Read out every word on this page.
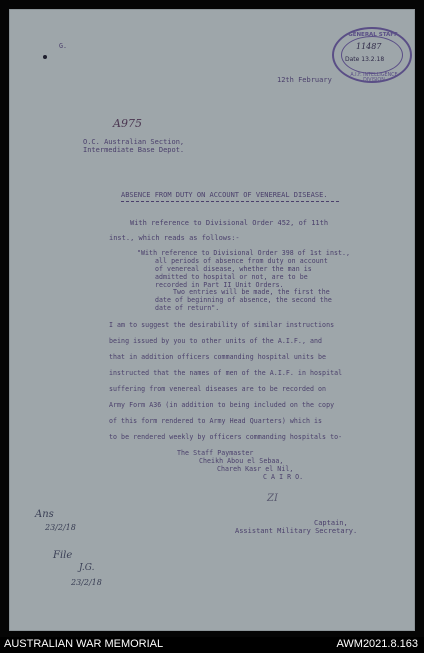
GENERAL STAFF
11487
Date 13.2.18
A.I.F. INTELLIGENCE DIVISION
G.
12th February
A975
O.C. Australian Section,
Intermediate Base Depot.
ABSENCE FROM DUTY ON ACCOUNT OF VENEREAL DISEASE.
With reference to Divisional Order 452, of 11th
inst., which reads as follows:-
"With reference to Divisional Order 398 of 1st inst.,
all periods of absence from duty on account
of venereal disease, whether the man is
admitted to hospital or not, are to be
recorded in Part II Unit Orders.
Two entries will be made, the first the
date of beginning of absence, the second the
date of return".
I am to suggest the desirability of similar instructions
being issued by you to other units of the A.I.F., and
that in addition officers commanding hospital units be
instructed that the names of men of the A.I.F. in hospital
suffering from venereal diseases are to be recorded on
Army Form A36 (in addition to being included on the copy
of this form rendered to Army Head Quarters) which is
to be rendered weekly by officers commanding hospitals to-
The Staff Paymaster
Cheikh Abou el Sebaa,
Chareh Kasr el Nil,
C A I R O.
ZI
Captain,
Assistant Military Secretary.
Ans
23/2/18
File
J.G.
23/2/18
AUSTRALIAN WAR MEMORIAL	AWM2021.8.163
